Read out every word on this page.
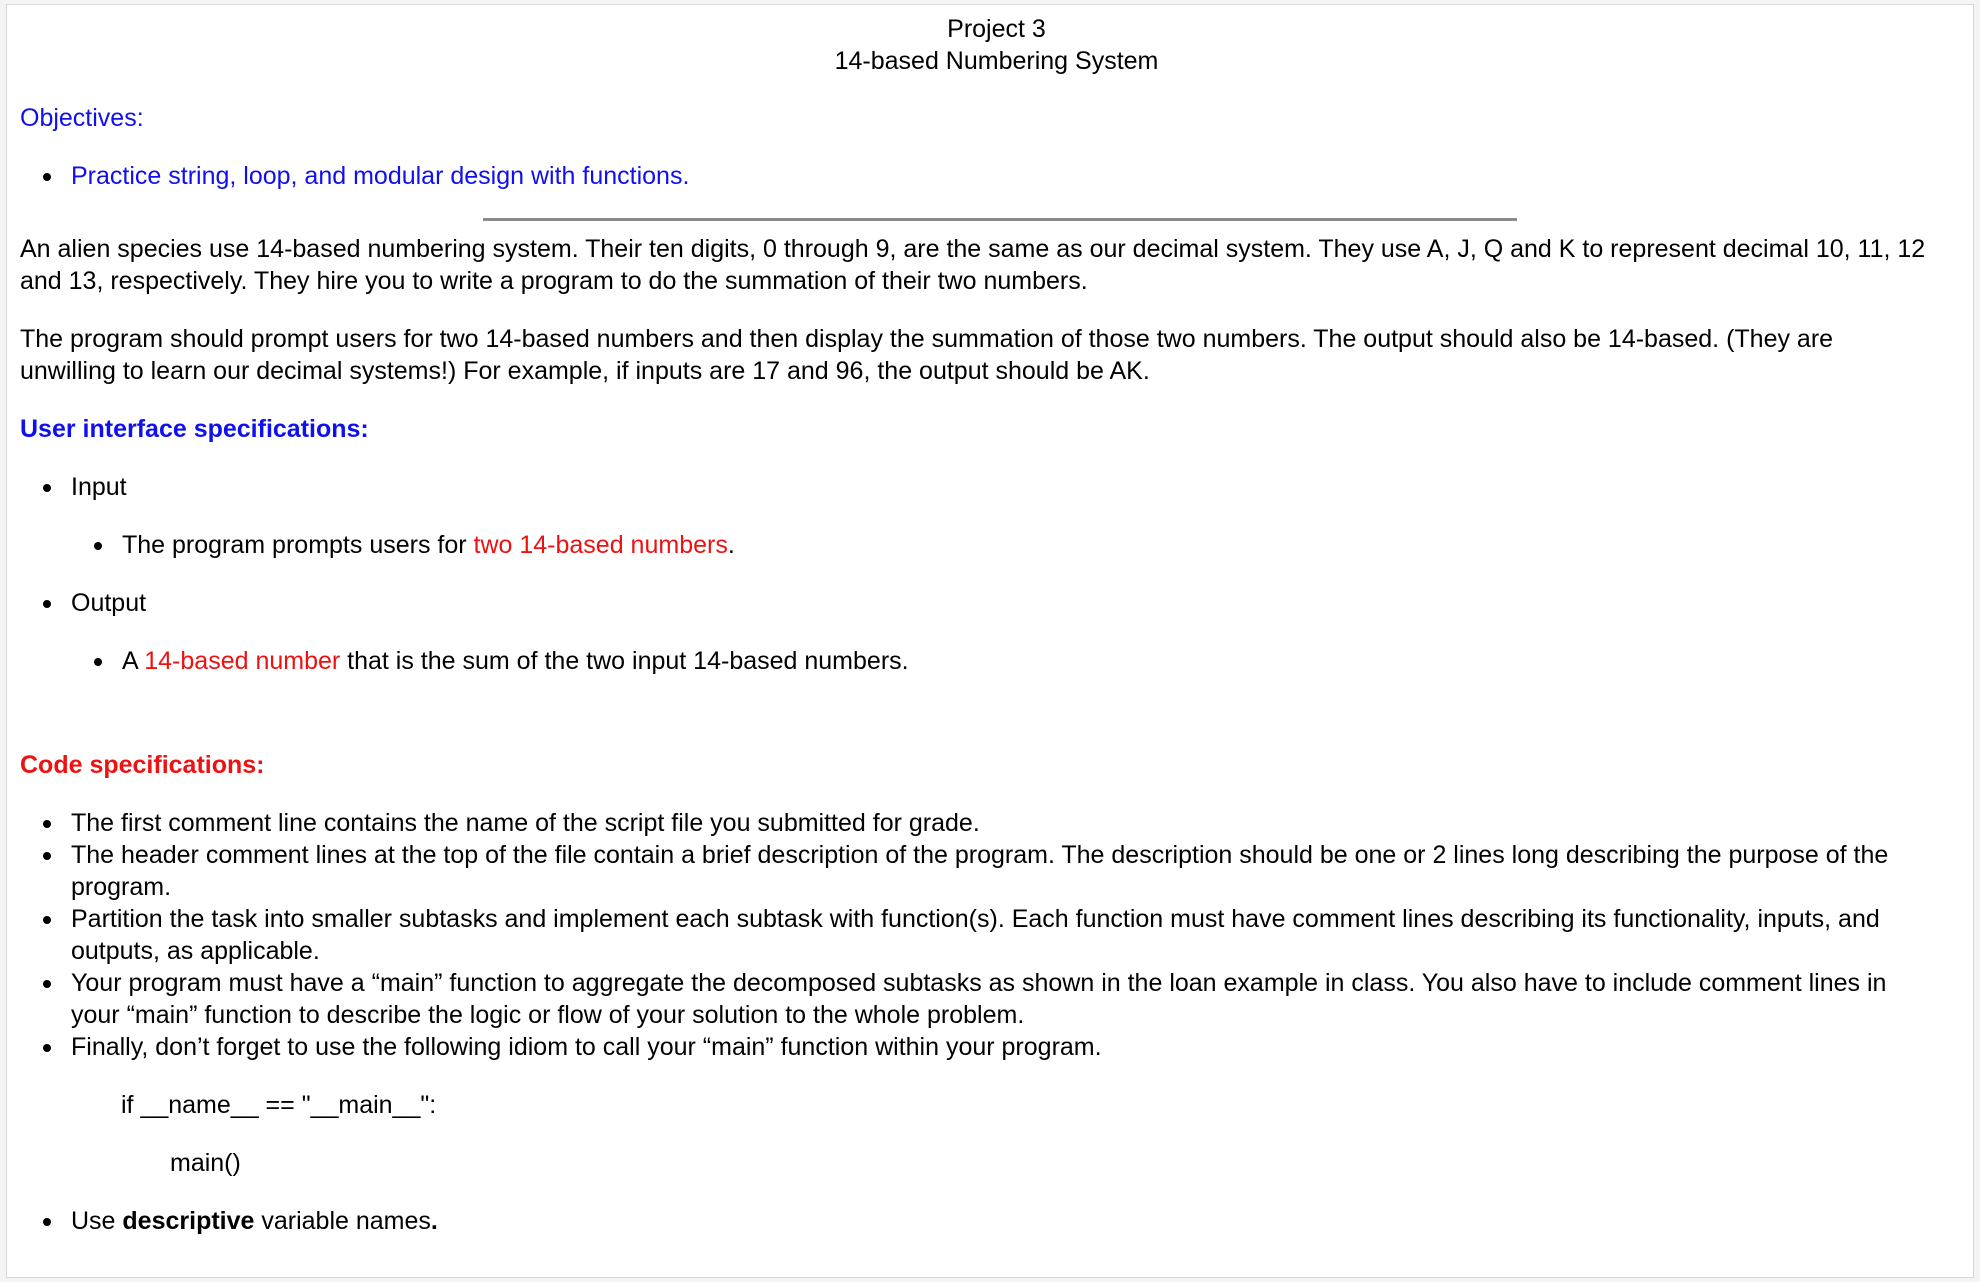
Project 3
14-based Numbering System
Objectives:
Practice string, loop, and modular design with functions.

An alien species use 14-based numbering system. Their ten digits, 0 through 9, are the same as our decimal system. They use A, J, Q and K to represent decimal 10, 11, 12 and 13, respectively. They hire you to write a program to do the summation of their two numbers.

The program should prompt users for two 14-based numbers and then display the summation of those two numbers. The output should also be 14-based. (They are unwilling to learn our decimal systems!) For example, if inputs are 17 and 96, the output should be AK.

User interface specifications:
Input
The program prompts users for two 14-based numbers.
Output
A 14-based number that is the sum of the two input 14-based numbers.
Code specifications:
The first comment line contains the name of the script file you submitted for grade.
The header comment lines at the top of the file contain a brief description of the program. The description should be one or 2 lines long describing the purpose of the program.
Partition the task into smaller subtasks and implement each subtask with function(s). Each function must have comment lines describing its functionality, inputs, and outputs, as applicable.
Your program must have a “main” function to aggregate the decomposed subtasks as shown in the loan example in class. You also have to include comment lines in your “main” function to describe the logic or flow of your solution to the whole problem.
Finally, don’t forget to use the following idiom to call your “main” function within your program.
if __name__ == "__main__":
main()
Use descriptive variable names.
